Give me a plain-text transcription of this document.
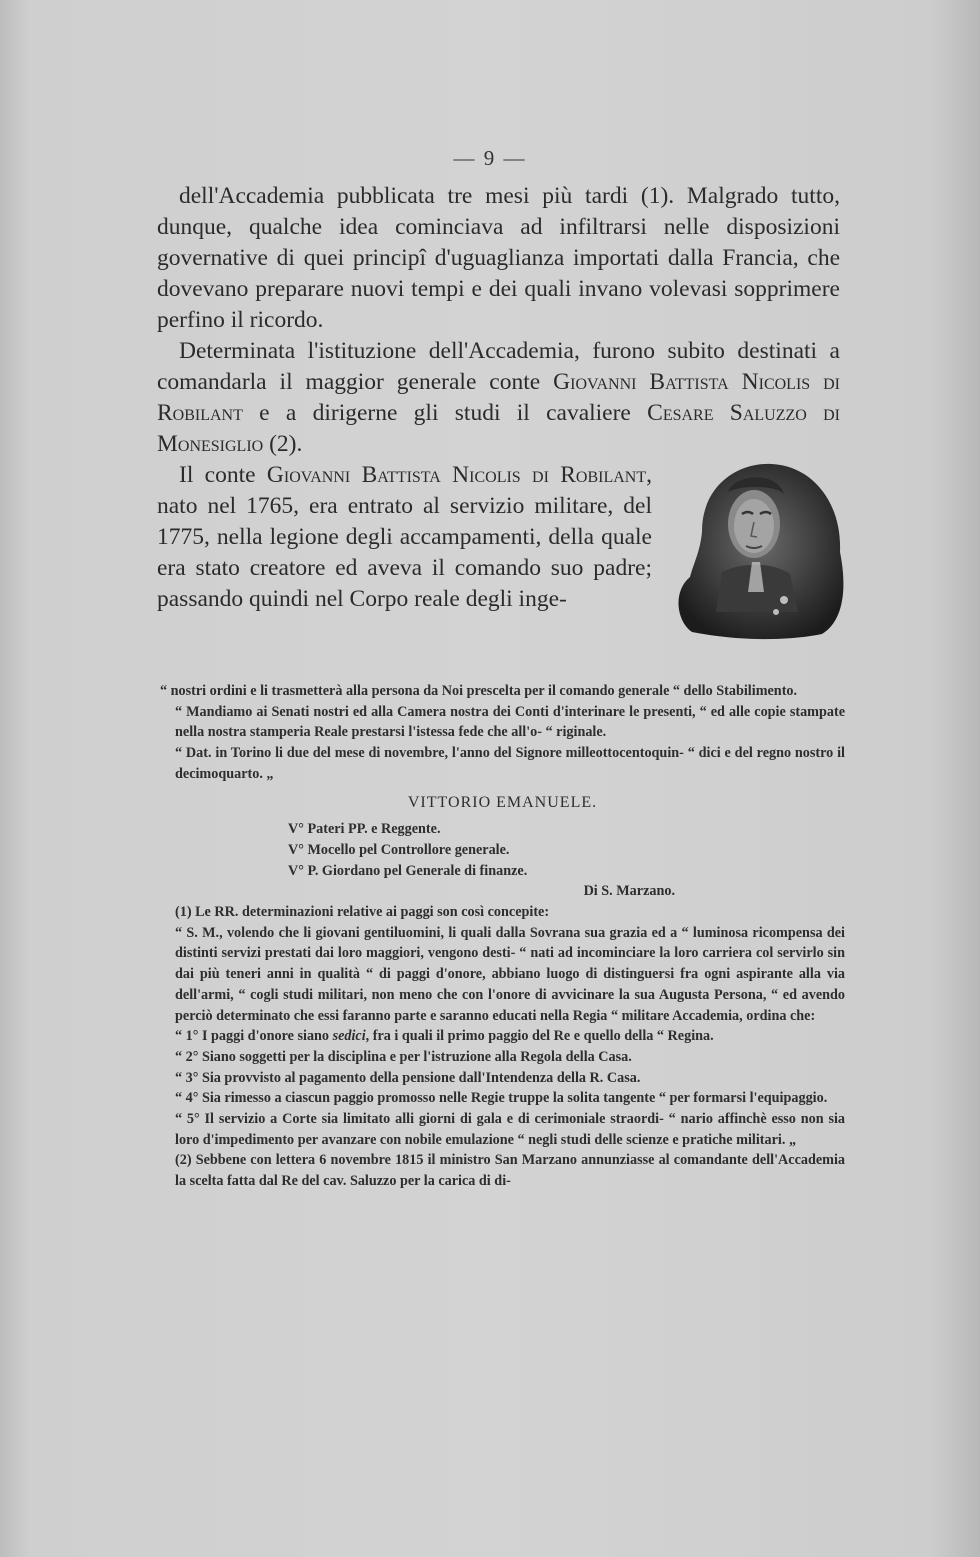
— 9 —

dell'Accademia pubblicata tre mesi più tardi (1). Malgrado tutto, dunque, qualche idea cominciava ad infiltrarsi nelle disposizioni governative di quei principî d'uguaglianza importati dalla Francia, che dovevano preparare nuovi tempi e dei quali invano volevasi sopprimere perfino il ricordo.

Determinata l'istituzione dell'Accademia, furono subito destinati a comandarla il maggior generale conte Giovanni Battista Nicolis di Robilant e a dirigerne gli studi il cavaliere Cesare Saluzzo di Monesiglio (2).

Il conte Giovanni Battista Nicolis di Robilant, nato nel 1765, era entrato al servizio militare, del 1775, nella legione degli accampamenti, della quale era stato creatore ed aveva il comando suo padre; passando quindi nel Corpo reale degli inge-

“ nostri ordini e li trasmetterà alla persona da Noi prescelta per il comando generale “ dello Stabilimento.

“ Mandiamo ai Senati nostri ed alla Camera nostra dei Conti d'interinare le presenti, “ ed alle copie stampate nella nostra stamperia Reale prestarsi l'istessa fede che all'o- “ riginale.

“ Dat. in Torino li due del mese di novembre, l'anno del Signore milleottocentoquin- “ dici e del regno nostro il decimoquarto. „

VITTORIO EMANUELE.

V° Pateri PP. e Reggente.

V° Mocello pel Controllore generale.

V° P. Giordano pel Generale di finanze.

Di S. Marzano.

(1) Le RR. determinazioni relative ai paggi son così concepite:

“ S. M., volendo che li giovani gentiluomini, li quali dalla Sovrana sua grazia ed a “ luminosa ricompensa dei distinti servizi prestati dai loro maggiori, vengono desti- “ nati ad incominciare la loro carriera col servirlo sin dai più teneri anni in qualità “ di paggi d'onore, abbiano luogo di distinguersi fra ogni aspirante alla via dell'armi, “ cogli studi militari, non meno che con l'onore di avvicinare la sua Augusta Persona, “ ed avendo perciò determinato che essi faranno parte e saranno educati nella Regia “ militare Accademia, ordina che:

“ 1° I paggi d'onore siano sedici, fra i quali il primo paggio del Re e quello della “ Regina.

“ 2° Siano soggetti per la disciplina e per l'istruzione alla Regola della Casa.

“ 3° Sia provvisto al pagamento della pensione dall'Intendenza della R. Casa.

“ 4° Sia rimesso a ciascun paggio promosso nelle Regie truppe la solita tangente “ per formarsi l'equipaggio.

“ 5° Il servizio a Corte sia limitato alli giorni di gala e di cerimoniale straordi- “ nario affinchè esso non sia loro d'impedimento per avanzare con nobile emulazione “ negli studi delle scienze e pratiche militari. „

(2) Sebbene con lettera 6 novembre 1815 il ministro San Marzano annunziasse al comandante dell'Accademia la scelta fatta dal Re del cav. Saluzzo per la carica di di-
